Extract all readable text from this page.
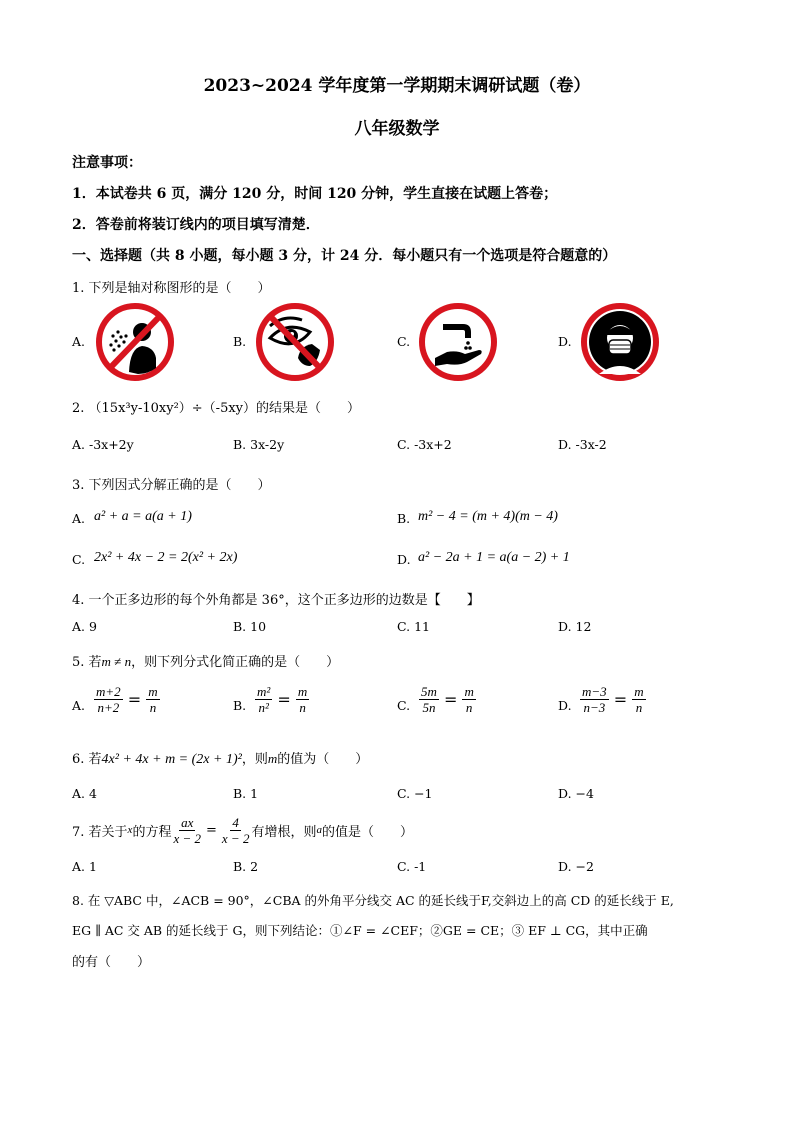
2023~2024 学年度第一学期期末调研试题（卷）
八年级数学
注意事项：
1．本试卷共 6 页，满分 120 分，时间 120 分钟，学生直接在试题上答卷；
2．答卷前将装订线内的项目填写清楚．
一、选择题（共 8 小题，每小题 3 分，计 24 分．每小题只有一个选项是符合题意的）
1. 下列是轴对称图形的是（　　）
A.	B.	C.	D.
2. （15x³y-10xy²）÷（-5xy）的结果是（　　）
A. -3x+2y	B. 3x-2y	C. -3x+2	D. -3x-2
3. 下列因式分解正确的是（　　）
A. a² + a = a(a + 1)	B. m² − 4 = (m + 4)(m − 4)
C. 2x² + 4x − 2 = 2(x² + 2x)	D. a² − 2a + 1 = a(a − 2) + 1
4. 一个正多边形的每个外角都是 36°，这个正多边形的边数是【　　】
A. 9	B. 10	C. 11	D. 12
5. 若m ≠ n，则下列分式化简正确的是（　　）
A. $\frac{m+2}{n+2} = \frac{m}{n}$	B. $\frac{\text{m²}}{\text{n²}} = \frac{m}{n}$	C. $\frac{5m}{5n} = \frac{m}{n}$	D. $\frac{m-3}{n-3} = \frac{m}{n}$
6. 若4x² + 4x + m = (2x + 1)²，则m的值为（　　）
A. 4	B. 1	C. −1	D. −4
7. 若关于 x 的方程 $\frac{ax}{x - 2} = \frac{4}{x - 2}$ 有增根，则 a 的值是（　　）
A. 1	B. 2	C. -1	D. −2
8. 在 ▽ABC 中，∠ACB = 90°，∠CBA 的外角平分线交 AC 的延长线于F,交斜边上的高 CD 的延长线于 E,
EG ∥ AC 交 AB 的延长线于 G，则下列结论：①∠F = ∠CEF；②GE = CE；③ EF ⊥ CG，其中正确
的有（　　）
